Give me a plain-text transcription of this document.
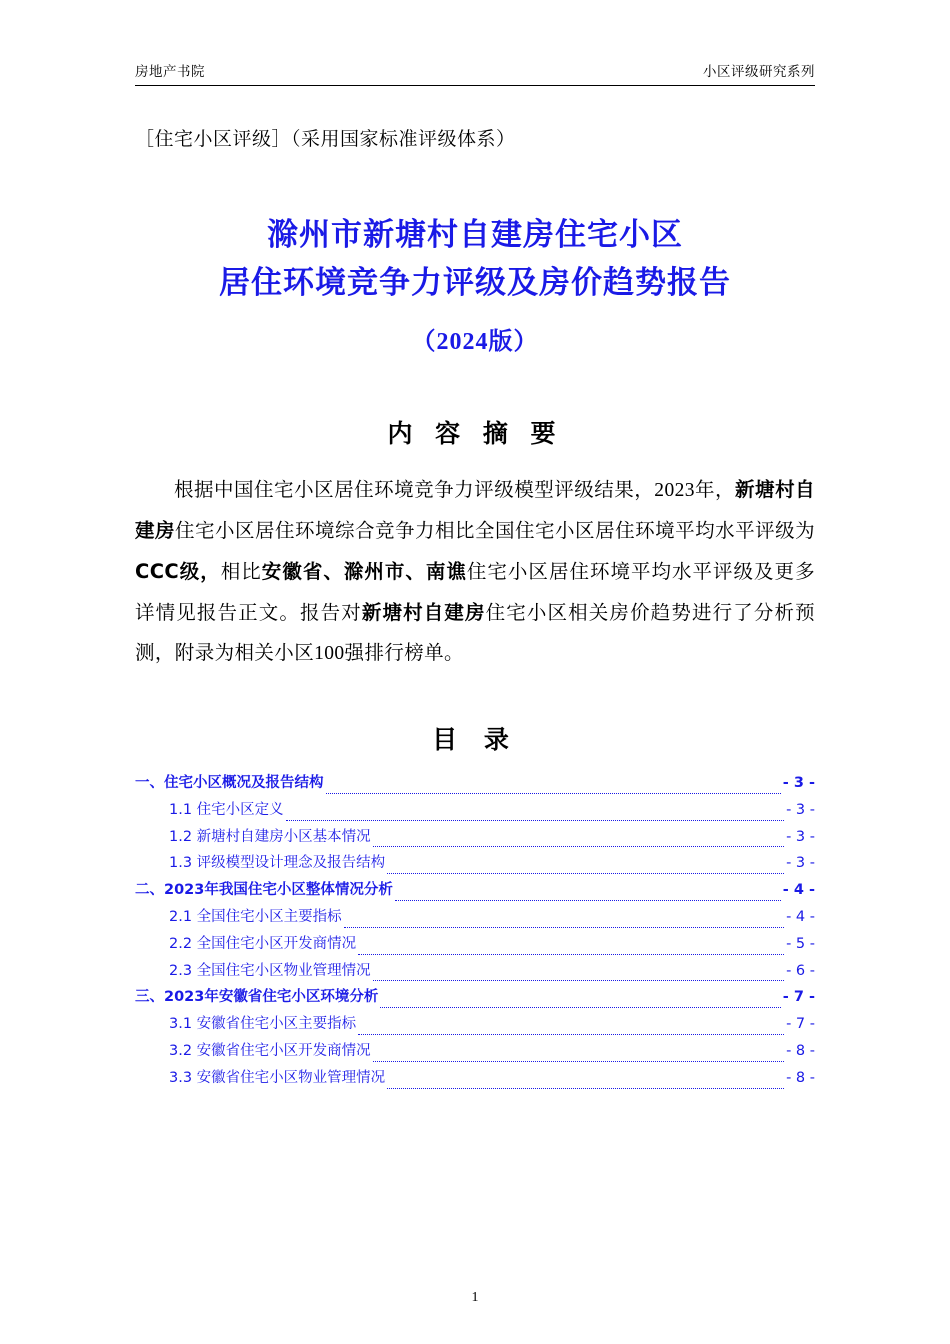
房地产书院	小区评级研究系列
［住宅小区评级］（采用国家标准评级体系）
滁州市新塘村自建房住宅小区
居住环境竞争力评级及房价趋势报告
（2024版）
内 容 摘 要

根据中国住宅小区居住环境竞争力评级模型评级结果，2023年，新塘村自建房住宅小区居住环境综合竞争力相比全国住宅小区居住环境平均水平评级为CCC级，相比安徽省、滁州市、南谯住宅小区居住环境平均水平评级及更多详情见报告正文。报告对新塘村自建房住宅小区相关房价趋势进行了分析预测，附录为相关小区100强排行榜单。

目 录
一、住宅小区概况及报告结构	- 3 -
1.1 住宅小区定义	- 3 -
1.2 新塘村自建房小区基本情况	- 3 -
1.3 评级模型设计理念及报告结构	- 3 -
二、2023年我国住宅小区整体情况分析	- 4 -
2.1 全国住宅小区主要指标	- 4 -
2.2 全国住宅小区开发商情况	- 5 -
2.3 全国住宅小区物业管理情况	- 6 -
三、2023年安徽省住宅小区环境分析	- 7 -
3.1 安徽省住宅小区主要指标	- 7 -
3.2 安徽省住宅小区开发商情况	- 8 -
3.3 安徽省住宅小区物业管理情况	- 8 -
1
